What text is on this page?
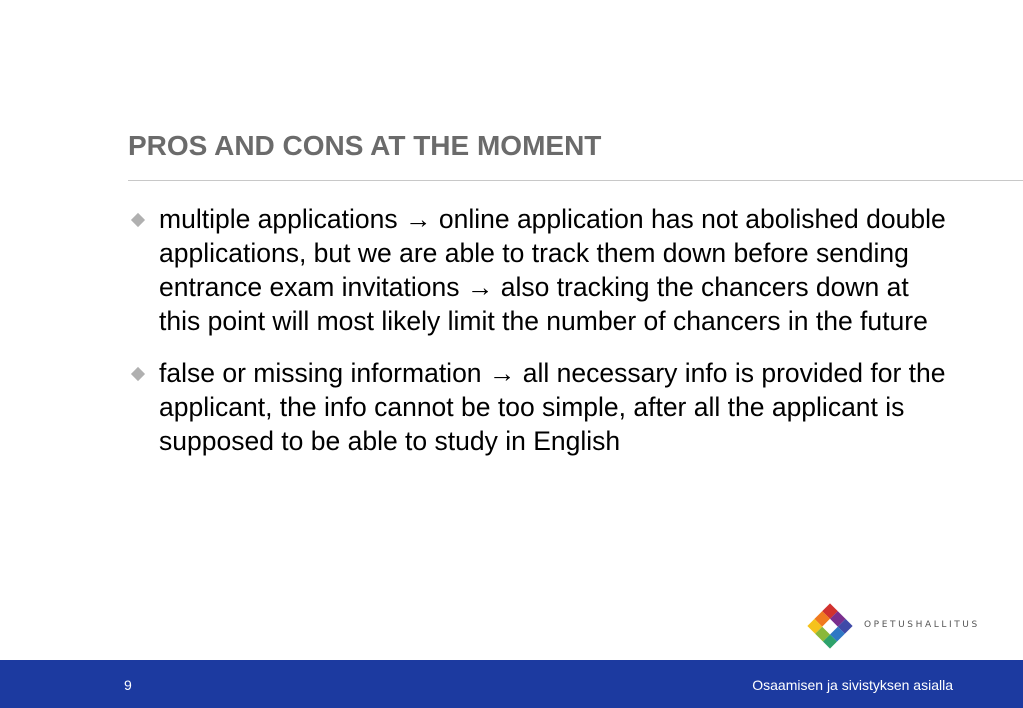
PROS AND CONS AT THE MOMENT
multiple applications → online application has not abolished double applications, but we are able to track them down before sending entrance exam invitations → also tracking the chancers down at this point will most likely limit the number of chancers in the future
false or missing information → all necessary info is provided for the applicant, the info cannot be too simple, after all the applicant is supposed to be able to study in English
OPETUSHALLITUS
9	Osaamisen ja sivistyksen asialla
